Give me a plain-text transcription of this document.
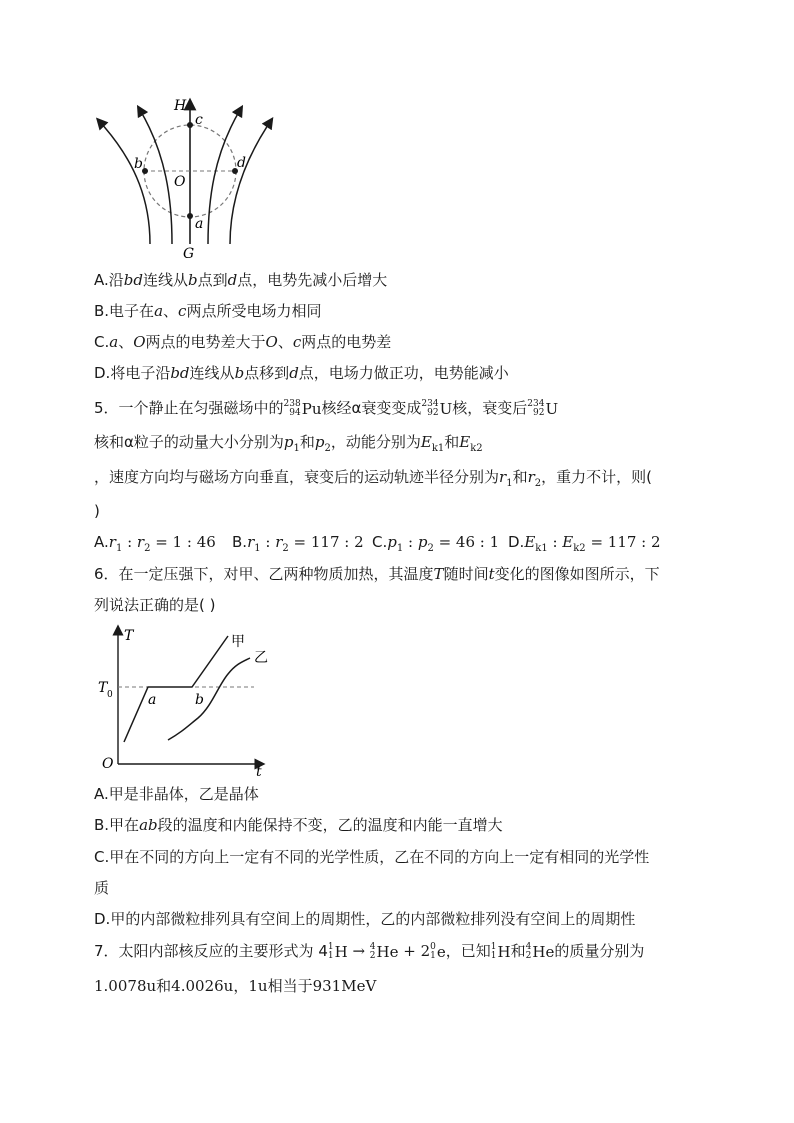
H
c
b
O
d
a
G
A.沿bd连线从b点到d点，电势先减小后增大
B.电子在a、c两点所受电场力相同
C.a、O两点的电势差大于O、c两点的电势差
D.将电子沿bd连线从b点移到d点，电场力做正功，电势能减小
5．一个静止在匀强磁场中的 238
94 Pu 核经α衰变变成 234
92 U 核，衰变后 234
92 U
核和α粒子的动量大小分别为$p_1$和$p_2$，动能分别为$E_{k1}$和$E_{k2}$
，速度方向均与磁场方向垂直，衰变后的运动轨迹半径分别为$r_1$和$r_2$，重力不计，则(
)
$A.r_1$ : $r_2 = 1$ : 46 $B.r_1$ : $r_2 = 117$ : 2 $C.p_1$ : $p_2 = 46$ : 1 $D.E_{k1}$ : $E_{k2} = 117$ : 2
6．在一定压强下，对甲、乙两种物质加热，其温度T随时间t变化的图像如图所示，下
列说法正确的是( )
T
T 0	a	b
O	t
甲
乙
A.甲是非晶体，乙是晶体
B.甲在ab段的温度和内能保持不变，乙的温度和内能一直增大
C.甲在不同的方向上一定有不同的光学性质，乙在不同的方向上一定有相同的光学性
质
D.甲的内部微粒排列具有空间上的周期性，乙的内部微粒排列没有空间上的周期性
7．太阳内部核反应的主要形式为 4 1
1 H → 4
2 He + 2 0
1 e ，已知 1
1 H 和 4
2 He 的质量分别为
1.0078u和4.0026u，1u相当于931MeV
